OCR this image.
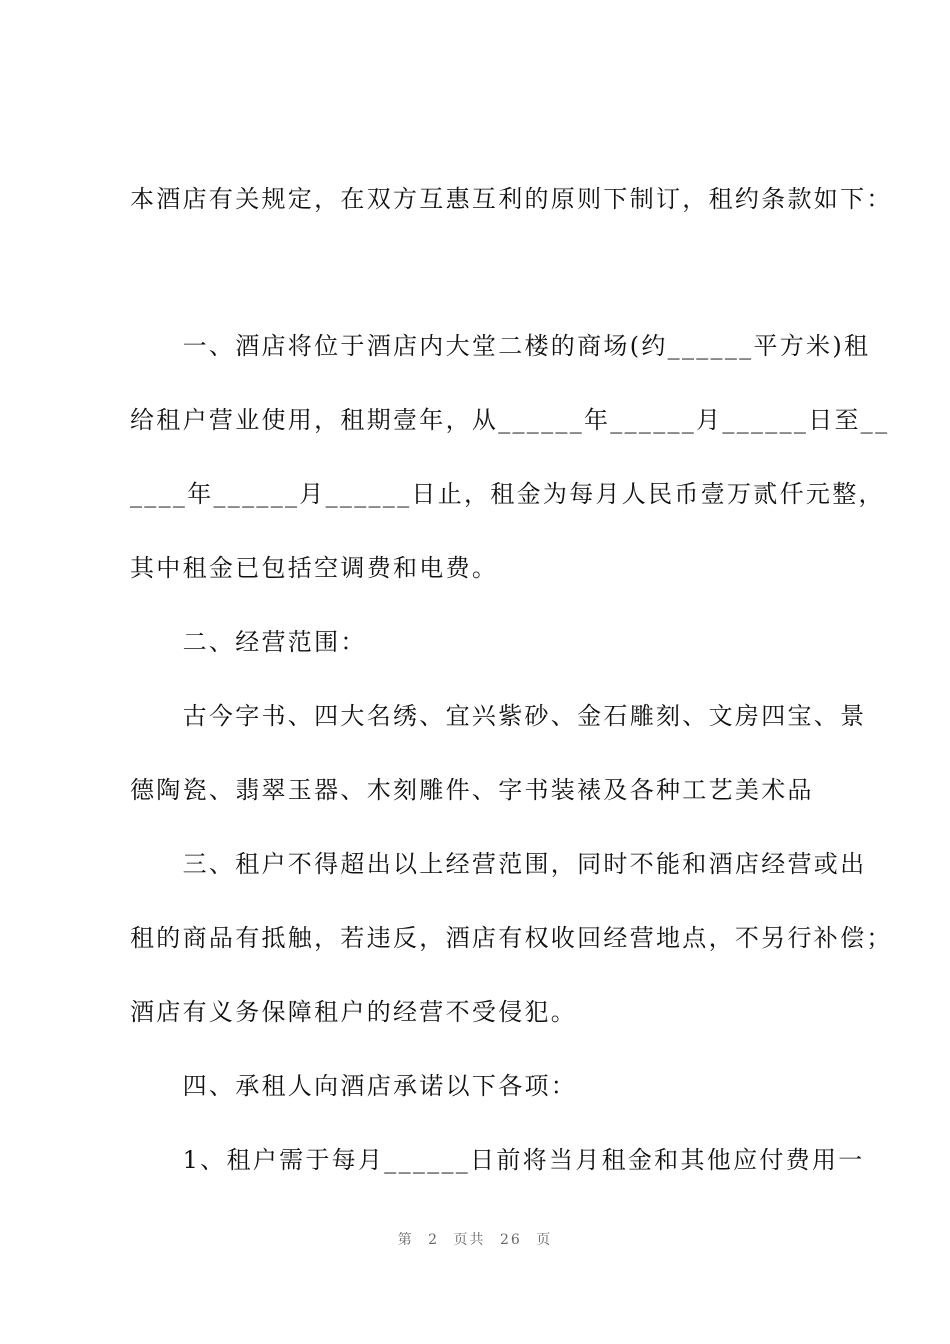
本酒店有关规定，在双方互惠互利的原则下制订，租约条款如下：
　　一、酒店将位于酒店内大堂二楼的商场(约______平方米)租
给租户营业使用，租期壹年，从______年______月______日至__
____年______月______日止，租金为每月人民币壹万贰仟元整，
其中租金已包括空调费和电费。
　　二、经营范围：
　　古今字书、四大名绣、宜兴紫砂、金石雕刻、文房四宝、景
德陶瓷、翡翠玉器、木刻雕件、字书装裱及各种工艺美术品
　　三、租户不得超出以上经营范围，同时不能和酒店经营或出
租的商品有抵触，若违反，酒店有权收回经营地点，不另行补偿；
酒店有义务保障租户的经营不受侵犯。
　　四、承租人向酒店承诺以下各项：
　　1、租户需于每月______日前将当月租金和其他应付费用一
第 2 页共 26 页
